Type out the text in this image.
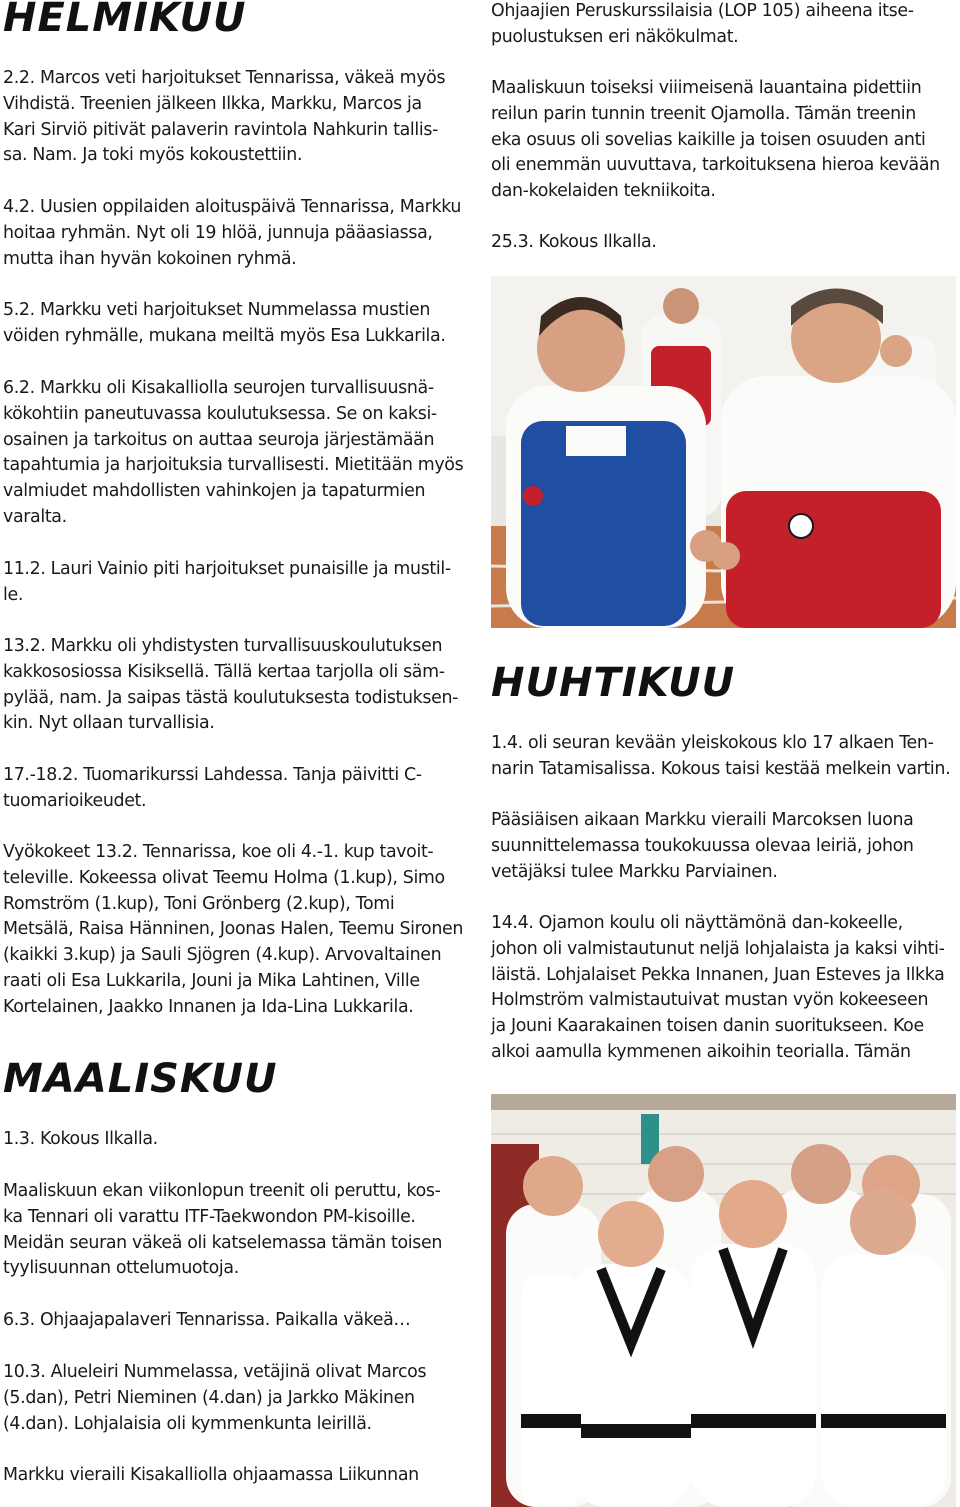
HELMIKUU

2.2. Marcos veti harjoitukset Tennarissa, väkeä myös
Vihdistä. Treenien jälkeen Ilkka, Markku, Marcos ja
Kari Sirviö pitivät palaverin ravintola Nahkurin tallis-
sa. Nam. Ja toki myös kokoustettiin.

4.2. Uusien oppilaiden aloituspäivä Tennarissa, Markku
hoitaa ryhmän. Nyt oli 19 hlöä, junnuja pääasiassa,
mutta ihan hyvän kokoinen ryhmä.

5.2. Markku veti harjoitukset Nummelassa mustien
vöiden ryhmälle, mukana meiltä myös Esa Lukkarila.

6.2. Markku oli Kisakalliolla seurojen turvallisuusnä-
kökohtiin paneutuvassa koulutuksessa. Se on kaksi-
osainen ja tarkoitus on auttaa seuroja järjestämään
tapahtumia ja harjoituksia turvallisesti. Mietitään myös
valmiudet mahdollisten vahinkojen ja tapaturmien
varalta.

11.2. Lauri Vainio piti harjoitukset punaisille ja mustil-
le.

13.2. Markku oli yhdistysten turvallisuuskoulutuksen
kakkososiossa Kisiksellä. Tällä kertaa tarjolla oli säm-
pylää, nam. Ja saipas tästä koulutuksesta todistuksen-
kin. Nyt ollaan turvallisia.

17.-18.2. Tuomarikurssi Lahdessa. Tanja päivitti C-
tuomarioikeudet.

Vyökokeet 13.2. Tennarissa, koe oli 4.-1. kup tavoit-
televille. Kokeessa olivat Teemu Holma (1.kup), Simo
Romström (1.kup), Toni Grönberg (2.kup), Tomi
Metsälä, Raisa Hänninen, Joonas Halen, Teemu Sironen
(kaikki 3.kup) ja Sauli Sjögren (4.kup). Arvovaltainen
raati oli Esa Lukkarila, Jouni ja Mika Lahtinen, Ville
Kortelainen, Jaakko Innanen ja Ida-Lina Lukkarila.

MAALISKUU

1.3. Kokous Ilkalla.

Maaliskuun ekan viikonlopun treenit oli peruttu, kos-
ka Tennari oli varattu ITF-Taekwondon PM-kisoille.
Meidän seuran väkeä oli katselemassa tämän toisen
tyylisuunnan ottelumuotoja.

6.3. Ohjaajapalaveri Tennarissa. Paikalla väkeä…

10.3. Alueleiri Nummelassa, vetäjinä olivat Marcos
(5.dan), Petri Nieminen (4.dan) ja Jarkko Mäkinen
(4.dan). Lohjalaisia oli kymmenkunta leirillä.

Markku vieraili Kisakalliolla ohjaamassa Liikunnan

Ohjaajien Peruskurssilaisia (LOP 105) aiheena itse-
puolustuksen eri näkökulmat.

Maaliskuun toiseksi viiimeisenä lauantaina pidettiin
reilun parin tunnin treenit Ojamolla. Tämän treenin
eka osuus oli sovelias kaikille ja toisen osuuden anti
oli enemmän uuvuttava, tarkoituksena hieroa kevään
dan-kokelaiden tekniikoita.

25.3. Kokous Ilkalla.

HUHTIKUU

1.4. oli seuran kevään yleiskokous klo 17 alkaen Ten-
narin Tatamisalissa. Kokous taisi kestää melkein vartin.

Pääsiäisen aikaan Markku vieraili Marcoksen luona
suunnittelemassa toukokuussa olevaa leiriä, johon
vetäjäksi tulee Markku Parviainen.

14.4. Ojamon koulu oli näyttämönä dan-kokeelle,
johon oli valmistautunut neljä lohjalaista ja kaksi vihti-
läistä. Lohjalaiset Pekka Innanen, Juan Esteves ja Ilkka
Holmström valmistautuivat mustan vyön kokeeseen
ja Jouni Kaarakainen toisen danin suoritukseen. Koe
alkoi aamulla kymmenen aikoihin teorialla. Tämän
